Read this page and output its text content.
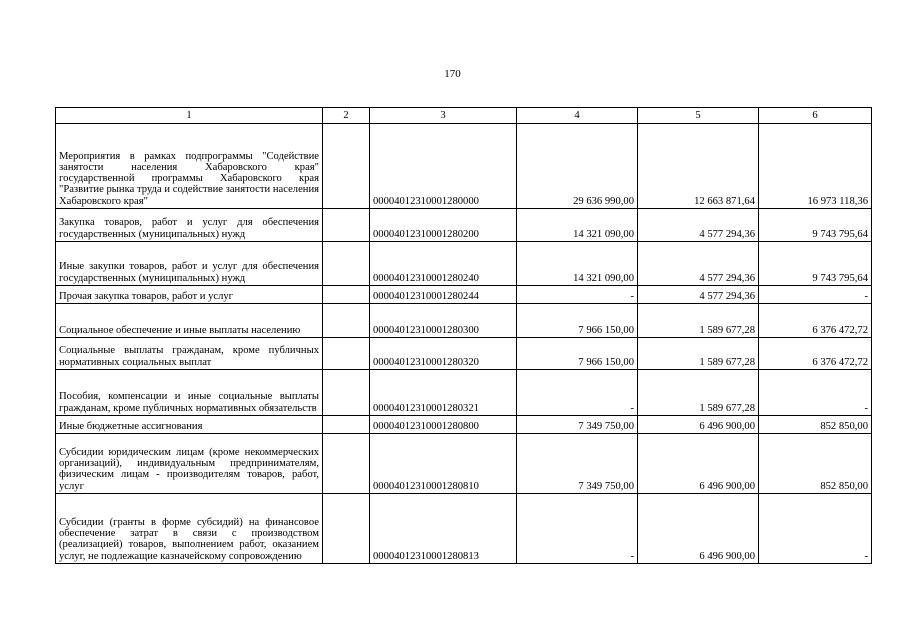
170
1	2	3	4	5	6
Мероприятия в рамках подпрограммы "Содействие занятости населения Хабаровского края" государственной программы Хабаровского края "Развитие рынка труда и содействие занятости населения Хабаровского края"		00004012310001280000	29 636 990,00	12 663 871,64	16 973 118,36
Закупка товаров, работ и услуг для обеспечения государственных (муниципальных) нужд		00004012310001280200	14 321 090,00	4 577 294,36	9 743 795,64
Иные закупки товаров, работ и услуг для обеспечения государственных (муниципальных) нужд		00004012310001280240	14 321 090,00	4 577 294,36	9 743 795,64
Прочая закупка товаров, работ и услуг		00004012310001280244	-	4 577 294,36	-
Социальное обеспечение и иные выплаты населению		00004012310001280300	7 966 150,00	1 589 677,28	6 376 472,72
Социальные выплаты гражданам, кроме публичных нормативных социальных выплат		00004012310001280320	7 966 150,00	1 589 677,28	6 376 472,72
Пособия, компенсации и иные социальные выплаты гражданам, кроме публичных нормативных обязательств		00004012310001280321	-	1 589 677,28	-
Иные бюджетные ассигнования		00004012310001280800	7 349 750,00	6 496 900,00	852 850,00
Субсидии юридическим лицам (кроме некоммерческих организаций), индивидуальным предпринимателям, физическим лицам - производителям товаров, работ, услуг		00004012310001280810	7 349 750,00	6 496 900,00	852 850,00
Субсидии (гранты в форме субсидий) на финансовое обеспечение затрат в связи с производством (реализацией) товаров, выполнением работ, оказанием услуг, не подлежащие казначейскому сопровождению		00004012310001280813	-	6 496 900,00	-
